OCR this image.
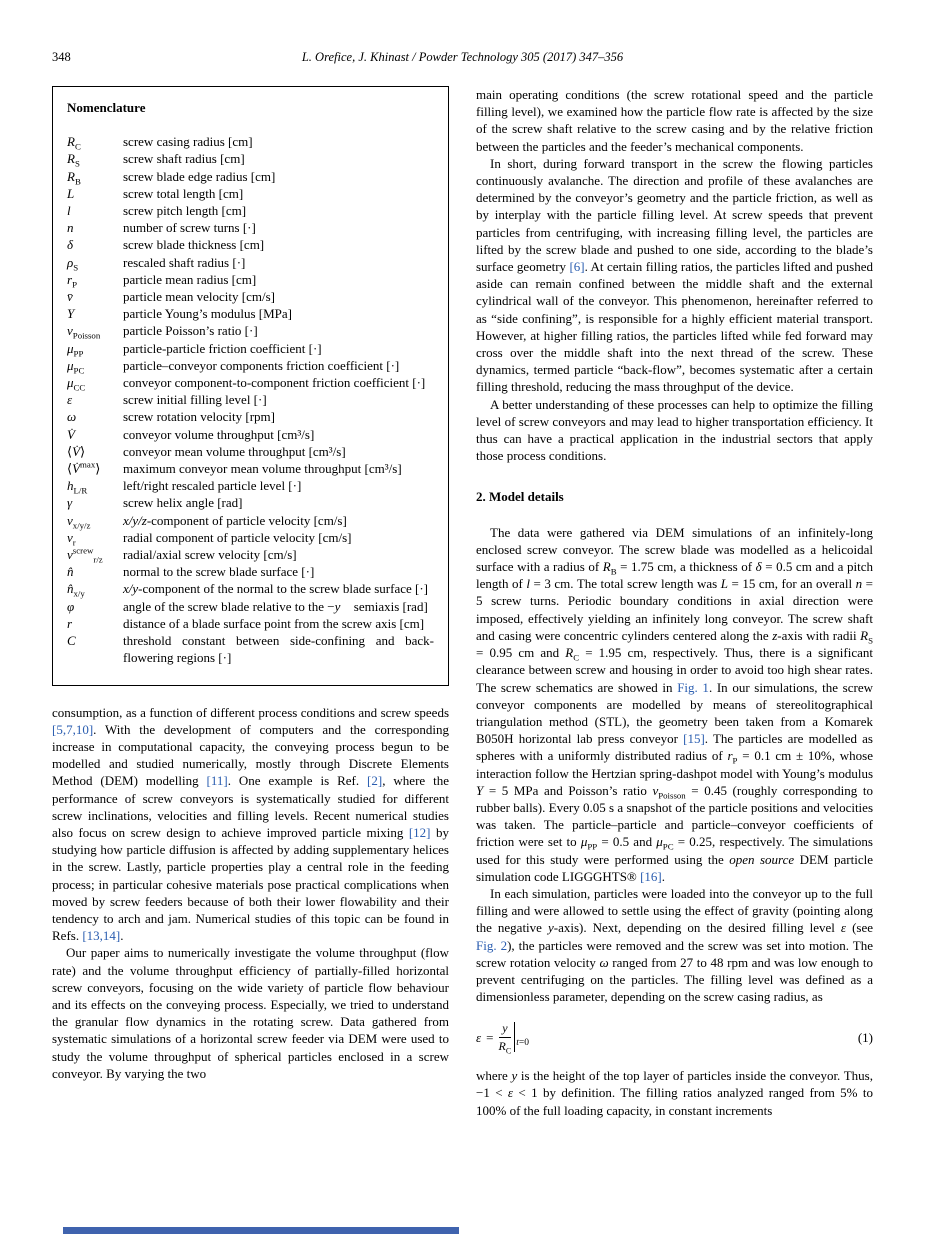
348	L. Orefice, J. Khinast / Powder Technology 305 (2017) 347–356
Nomenclature
$R_C$	screw casing radius [cm]
$R_S$	screw shaft radius [cm]
$R_B$	screw blade edge radius [cm]
L	screw total length [cm]
l	screw pitch length [cm]
n	number of screw turns [·]
δ	screw blade thickness [cm]
$\rho_S$	rescaled shaft radius [·]
$r_P$	particle mean radius [cm]
v̄	particle mean velocity [cm/s]
Y	particle Young’s modulus [MPa]
$\nu_{Poisson}$	particle Poisson’s ratio [·]
$\mu_{PP}$	particle-particle friction coefficient [·]
$\mu_{PC}$	particle–conveyor components friction coefficient [·]
$\mu_{CC}$	conveyor component-to-component friction coefficient [·]
ε	screw initial filling level [·]
ω	screw rotation velocity [rpm]
V̇	conveyor volume throughput [cm³/s]
⟨V̇⟩	conveyor mean volume throughput [cm³/s]
⟨V̇$^{max}$⟩	maximum conveyor mean volume throughput [cm³/s]
$h_{L/R}$	left/right rescaled particle level [·]
γ	screw helix angle [rad]
$v_{x/y/z}$	x/y/z-component of particle velocity [cm/s]
$v_r$	radial component of particle velocity [cm/s]
$v^{screw}_{r/z}$	radial/axial screw velocity [cm/s]
n̂	normal to the screw blade surface [·]
$n̂_{x/y}$	x/y-component of the normal to the screw blade surface [·]
φ	angle of the screw blade relative to the −y⃗ semiaxis [rad]
r	distance of a blade surface point from the screw axis [cm]
C	threshold constant between side-confining and back-flowering regions [·]

consumption, as a function of different process conditions and screw speeds [5,7,10]. With the development of computers and the corresponding increase in computational capacity, the conveying process begun to be modelled and studied numerically, mostly through Discrete Elements Method (DEM) modelling [11]. One example is Ref. [2], where the performance of screw conveyors is systematically studied for different screw inclinations, velocities and filling levels. Recent numerical studies also focus on screw design to achieve improved particle mixing [12] by studying how particle diffusion is affected by adding supplementary helices in the screw. Lastly, particle properties play a central role in the feeding process; in particular cohesive materials pose practical complications when moved by screw feeders because of both their lower flowability and their tendency to arch and jam. Numerical studies of this topic can be found in Refs. [13,14].

Our paper aims to numerically investigate the volume throughput (flow rate) and the volume throughput efficiency of partially-filled horizontal screw conveyors, focusing on the wide variety of particle flow behaviour and its effects on the conveying process. Especially, we tried to understand the granular flow dynamics in the rotating screw. Data gathered from systematic simulations of a horizontal screw feeder via DEM were used to study the volume throughput of spherical particles enclosed in a screw conveyor. By varying the two

main operating conditions (the screw rotational speed and the particle filling level), we examined how the particle flow rate is affected by the size of the screw shaft relative to the screw casing and by the relative friction between the particles and the feeder’s mechanical components.

In short, during forward transport in the screw the flowing particles continuously avalanche. The direction and profile of these avalanches are determined by the conveyor’s geometry and the particle friction, as well as by interplay with the particle filling level. At screw speeds that prevent particles from centrifuging, with increasing filling level, the particles are lifted by the screw blade and pushed to one side, according to the blade’s surface geometry [6]. At certain filling ratios, the particles lifted and pushed aside can remain confined between the middle shaft and the external cylindrical wall of the conveyor. This phenomenon, hereinafter referred to as “side confining”, is responsible for a highly efficient material transport. However, at higher filling ratios, the particles lifted while fed forward may cross over the middle shaft into the next thread of the screw. These dynamics, termed particle “back-flow”, becomes systematic after a certain filling threshold, reducing the mass throughput of the device.

A better understanding of these processes can help to optimize the filling level of screw conveyors and may lead to higher transportation efficiency. It thus can have a practical application in the industrial sectors that apply those process conditions.

2. Model details

The data were gathered via DEM simulations of an infinitely-long enclosed screw conveyor. The screw blade was modelled as a helicoidal surface with a radius of $R_B = 1.75$ cm, a thickness of δ = 0.5 cm and a pitch length of l = 3 cm. The total screw length was L = 15 cm, for an overall n = 5 screw turns. Periodic boundary conditions in axial direction were imposed, effectively yielding an infinitely long conveyor. The screw shaft and casing were concentric cylinders centered along the z-axis with radii $R_S = 0.95$ cm and $R_C = 1.95$ cm, respectively. Thus, there is a significant clearance between screw and housing in order to avoid too high shear rates. The screw schematics are showed in Fig. 1. In our simulations, the screw conveyor components are modelled by means of stereolitographical triangulation method (STL), the geometry been taken from a Komarek B050H horizontal lab press conveyor [15]. The particles are modelled as spheres with a uniformly distributed radius of $r_P = 0.1$ cm ± 10%, whose interaction follow the Hertzian spring-dashpot model with Young’s modulus Y = 5 MPa and Poisson’s ratio $\nu_{Poisson} = 0.45$ (roughly corresponding to rubber balls). Every 0.05 s a snapshot of the particle positions and velocities was taken. The particle–particle and particle–conveyor coefficients of friction were set to $\mu_{PP} = 0.5$ and $\mu_{PC} = 0.25$, respectively. The simulations used for this study were performed using the open source DEM particle simulation code LIGGGHTS® [16].

In each simulation, particles were loaded into the conveyor up to the full filling and were allowed to settle using the effect of gravity (pointing along the negative y-axis). Next, depending on the desired filling level ε (see Fig. 2), the particles were removed and the screw was set into motion. The screw rotation velocity ω ranged from 27 to 48 rpm and was low enough to prevent centrifuging on the particles. The filling level was defined as a dimensionless parameter, depending on the screw casing radius, as

$\varepsilon = \frac{y}{R_C} t=0$	(1)

where y is the height of the top layer of particles inside the conveyor. Thus, −1 < ε < 1 by definition. The filling ratios analyzed ranged from 5% to 100% of the full loading capacity, in constant increments
